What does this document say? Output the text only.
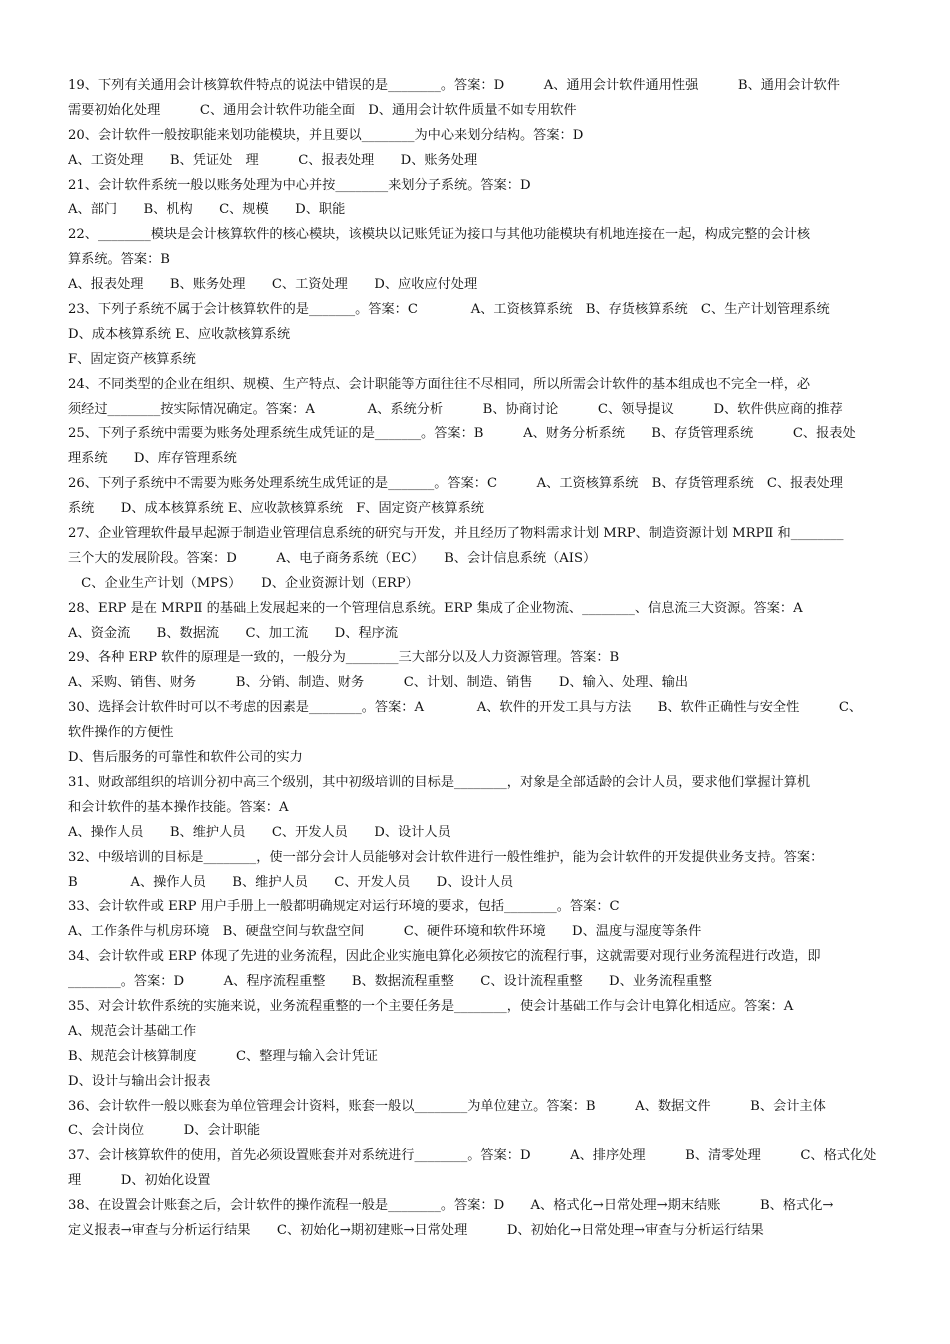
19、下列有关通用会计核算软件特点的说法中错误的是________。答案：D　　　A、通用会计软件通用性强　　　B、通用会计软件
需要初始化处理　　　C、通用会计软件功能全面　D、通用会计软件质量不如专用软件
20、会计软件一般按职能来划功能模块，并且要以________为中心来划分结构。答案：D
A、工资处理　　B、凭证处　理　　　C、报表处理　　D、账务处理
21、会计软件系统一般以账务处理为中心并按________来划分子系统。答案：D
A、部门　　B、机构　　C、规模　　D、职能
22、________模块是会计核算软件的核心模块，该模块以记账凭证为接口与其他功能模块有机地连接在一起，构成完整的会计核
算系统。答案：B
A、报表处理　　B、账务处理　　C、工资处理　　D、应收应付处理
23、下列子系统不属于会计核算软件的是_______。答案：C　　　　A、工资核算系统　B、存货核算系统　C、生产计划管理系统
D、成本核算系统 E、应收款核算系统
F、固定资产核算系统
24、不同类型的企业在组织、规模、生产特点、会计职能等方面往往不尽相同，所以所需会计软件的基本组成也不完全一样，必
须经过________按实际情况确定。答案：A　　　　A、系统分析　　　B、协商讨论　　　C、领导提议　　　D、软件供应商的推荐
25、下列子系统中需要为账务处理系统生成凭证的是_______。答案：B　　　A、财务分析系统　　B、存货管理系统　　　C、报表处
理系统　　D、库存管理系统
26、下列子系统中不需要为账务处理系统生成凭证的是_______。答案：C　　　A、工资核算系统　B、存货管理系统　C、报表处理
系统　　D、成本核算系统 E、应收款核算系统　F、固定资产核算系统
27、企业管理软件最早起源于制造业管理信息系统的研究与开发，并且经历了物料需求计划 MRP、制造资源计划 MRPⅡ 和________
三个大的发展阶段。答案：D　　　A、电子商务系统（EC）　　B、会计信息系统（AIS）
　C、企业生产计划（MPS）　　D、企业资源计划（ERP）
28、ERP 是在 MRPⅡ 的基础上发展起来的一个管理信息系统。ERP 集成了企业物流、________、信息流三大资源。答案：A
A、资金流　　B、数据流　　C、加工流　　D、程序流
29、各种 ERP 软件的原理是一致的，一般分为________三大部分以及人力资源管理。答案：B
A、采购、销售、财务　　　B、分销、制造、财务　　　C、计划、制造、销售　　D、输入、处理、输出
30、选择会计软件时可以不考虑的因素是________。答案：A　　　　A、软件的开发工具与方法　　B、软件正确性与安全性　　　C、
软件操作的方便性
D、售后服务的可靠性和软件公司的实力
31、财政部组织的培训分初中高三个级别，其中初级培训的目标是________，对象是全部适龄的会计人员，要求他们掌握计算机
和会计软件的基本操作技能。答案：A
A、操作人员　　B、维护人员　　C、开发人员　　D、设计人员
32、中级培训的目标是________，使一部分会计人员能够对会计软件进行一般性维护，能为会计软件的开发提供业务支持。答案：
B　　　　A、操作人员　　B、维护人员　　C、开发人员　　D、设计人员
33、会计软件或 ERP 用户手册上一般都明确规定对运行环境的要求，包括________。答案：C
A、工作条件与机房环境　B、硬盘空间与软盘空间　　　C、硬件环境和软件环境　　D、温度与湿度等条件
34、会计软件或 ERP 体现了先进的业务流程，因此企业实施电算化必须按它的流程行事，这就需要对现行业务流程进行改造，即
________。答案：D　　　A、程序流程重整　　B、数据流程重整　　C、设计流程重整　　D、业务流程重整
35、对会计软件系统的实施来说，业务流程重整的一个主要任务是________，使会计基础工作与会计电算化相适应。答案：A
A、规范会计基础工作
B、规范会计核算制度　　　C、整理与输入会计凭证
D、设计与输出会计报表
36、会计软件一般以账套为单位管理会计资料，账套一般以________为单位建立。答案：B　　　A、数据文件　　　B、会计主体
C、会计岗位　　　D、会计职能
37、会计核算软件的使用，首先必须设置账套并对系统进行________。答案：D　　　A、排序处理　　　B、清零处理　　　C、格式化处
理　　　D、初始化设置
38、在设置会计账套之后，会计软件的操作流程一般是________。答案：D　　A、格式化→日常处理→期末结账　　　B、格式化→
定义报表→审查与分析运行结果　　C、初始化→期初建账→日常处理　　　D、初始化→日常处理→审查与分析运行结果
